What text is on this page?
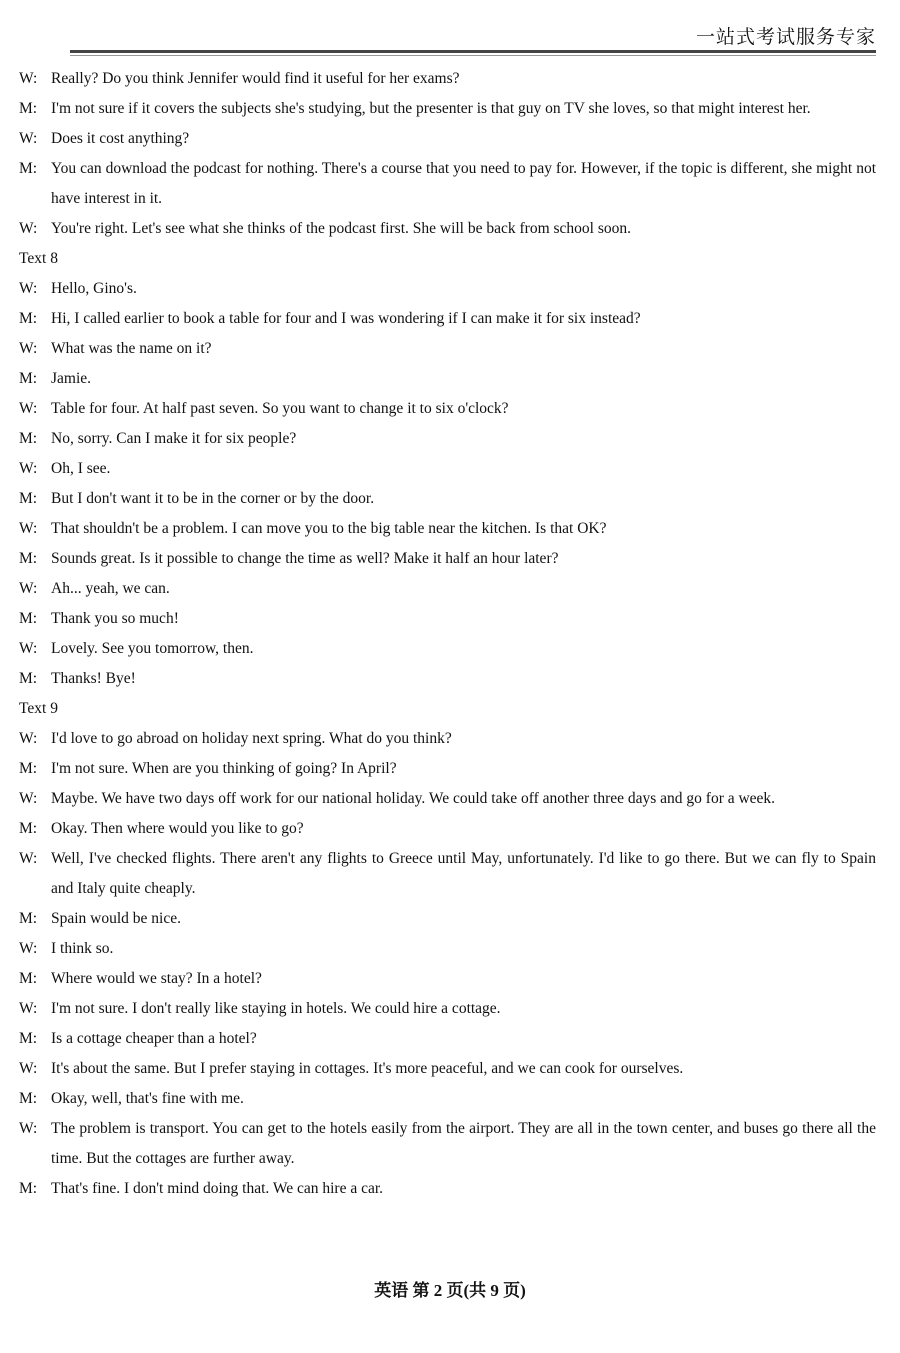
一站式考试服务专家
W: Really? Do you think Jennifer would find it useful for her exams?
M: I'm not sure if it covers the subjects she's studying, but the presenter is that guy on TV she loves, so that might interest her.
W: Does it cost anything?
M: You can download the podcast for nothing. There's a course that you need to pay for. However, if the topic is different, she might not have interest in it.
W: You're right. Let's see what she thinks of the podcast first. She will be back from school soon.
Text 8
W: Hello, Gino's.
M: Hi, I called earlier to book a table for four and I was wondering if I can make it for six instead?
W: What was the name on it?
M: Jamie.
W: Table for four. At half past seven. So you want to change it to six o'clock?
M: No, sorry. Can I make it for six people?
W: Oh, I see.
M: But I don't want it to be in the corner or by the door.
W: That shouldn't be a problem. I can move you to the big table near the kitchen. Is that OK?
M: Sounds great. Is it possible to change the time as well? Make it half an hour later?
W: Ah... yeah, we can.
M: Thank you so much!
W: Lovely. See you tomorrow, then.
M: Thanks! Bye!
Text 9
W: I'd love to go abroad on holiday next spring. What do you think?
M: I'm not sure. When are you thinking of going? In April?
W: Maybe. We have two days off work for our national holiday. We could take off another three days and go for a week.
M: Okay. Then where would you like to go?
W: Well, I've checked flights. There aren't any flights to Greece until May, unfortunately. I'd like to go there. But we can fly to Spain and Italy quite cheaply.
M: Spain would be nice.
W: I think so.
M: Where would we stay? In a hotel?
W: I'm not sure. I don't really like staying in hotels. We could hire a cottage.
M: Is a cottage cheaper than a hotel?
W: It's about the same. But I prefer staying in cottages. It's more peaceful, and we can cook for ourselves.
M: Okay, well, that's fine with me.
W: The problem is transport. You can get to the hotels easily from the airport. They are all in the town center, and buses go there all the time. But the cottages are further away.
M: That's fine. I don't mind doing that. We can hire a car.
英语 第 2 页(共 9 页)
